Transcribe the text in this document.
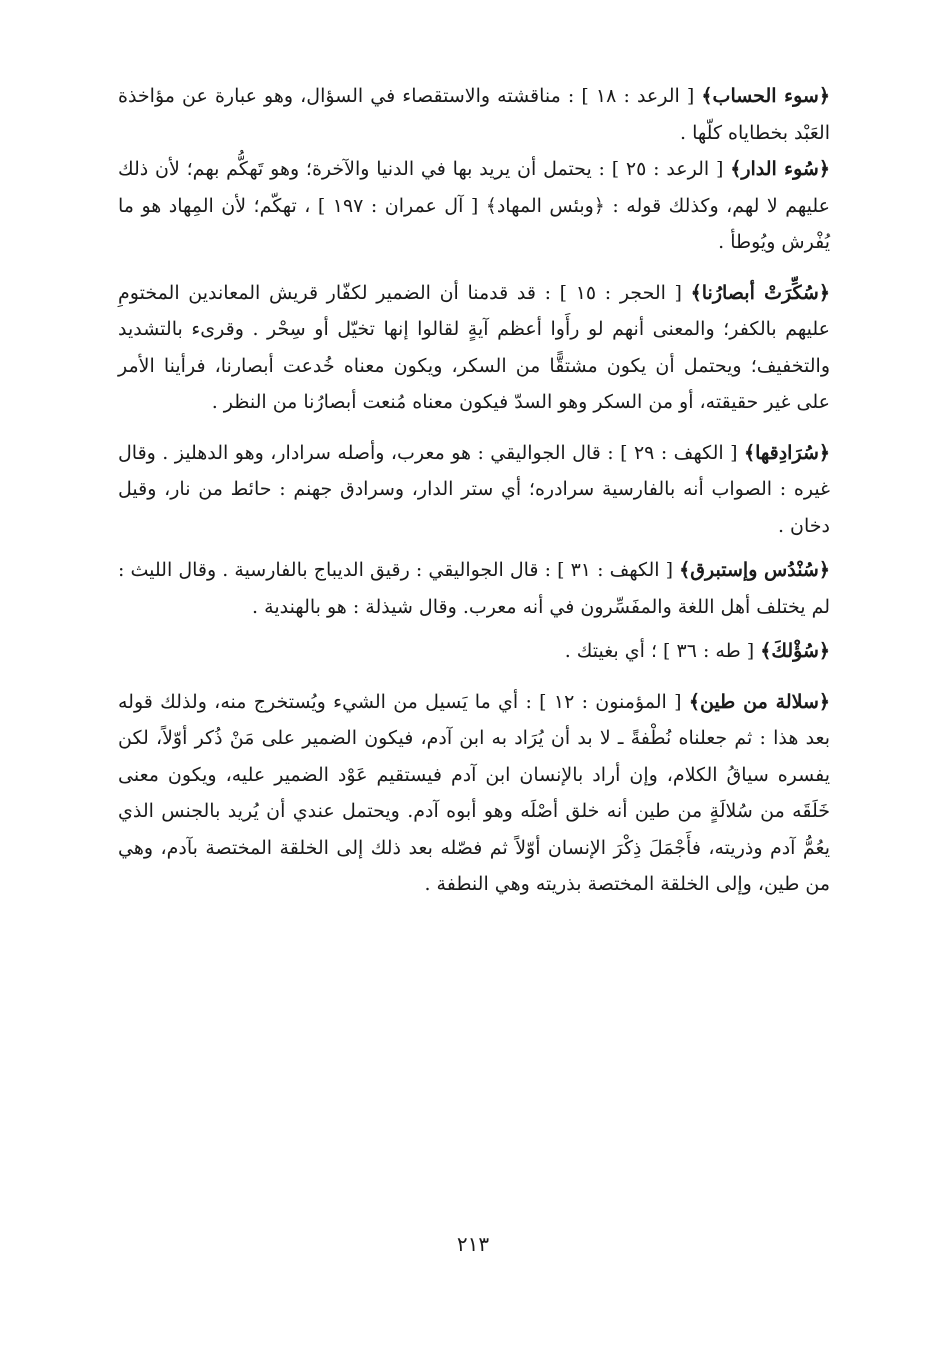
﴿سوء الحساب﴾ [ الرعد : ١٨ ] : مناقشته والاستقصاء في السؤال، وهو عبارة عن مؤاخذة العَبْد بخطاياه كلّها .

﴿سُوء الدار﴾ [ الرعد : ٢٥ ] : يحتمل أن يريد بها في الدنيا والآخرة؛ وهو تَهكُّم بهم؛ لأن ذلك عليهم لا لهم، وكذلك قوله : ﴿وبئس المهاد﴾ [ آل عمران : ١٩٧ ] ، تهكّم؛ لأن المِهاد هو ما يُفْرش ويُوطأ .

﴿سُكِّرَتْ أبصارُنا﴾ [ الحجر : ١٥ ] : قد قدمنا أن الضمير لكفّار قريش المعاندين المختومِ عليهم بالكفر؛ والمعنى أنهم لو رأَوا أعظم آيةٍ لقالوا إنها تخيّل أو سِحْر . وقرىء بالتشديد والتخفيف؛ ويحتمل أن يكون مشتقًّا من السكر، ويكون معناه خُدعت أبصارنا، فرأينا الأمر على غير حقيقته، أو من السكر وهو السدّ فيكون معناه مُنعت أبصارُنا من النظر .

﴿سُرَادِقها﴾ [ الكهف : ٢٩ ] : قال الجواليقي : هو معرب، وأصله سرادار، وهو الدهليز . وقال غيره : الصواب أنه بالفارسية سرادره؛ أي ستر الدار، وسرادق جهنم : حائط من نار، وقيل دخان .

﴿سُنْدُس وإستبرق﴾ [ الكهف : ٣١ ] : قال الجواليقي : رقيق الديباج بالفارسية . وقال الليث : لم يختلف أهل اللغة والمفَسِّرون في أنه معرب. وقال شيذلة : هو بالهندية .

﴿سُؤْلكَ﴾ [ طه : ٣٦ ] ؛ أي بغيتك .

﴿سلالة من طين﴾ [ المؤمنون : ١٢ ] : أي ما يَسيل من الشيء ويُستخرج منه، ولذلك قوله بعد هذا : ثم جعلناه نُطْفةً ـ لا بد أن يُرَاد به ابن آدم، فيكون الضمير على مَنْ ذُكر أوّلاً، لكن يفسره سياقُ الكلام، وإن أراد بالإنسان ابن آدم فيستقيم عَوْد الضمير عليه، ويكون معنى خَلَقَه من سُلالَةٍ من طين أنه خلق أصْلَه وهو أبوه آدم. ويحتمل عندي أن يُريد بالجنس الذي يعُمُّ آدم وذريته، فأَجْمَلَ ذِكْرَ الإنسان أوّلاً ثم فصّله بعد ذلك إلى الخلقة المختصة بآدم، وهي من طين، وإلى الخلقة المختصة بذريته وهي النطفة .

٢١٣
